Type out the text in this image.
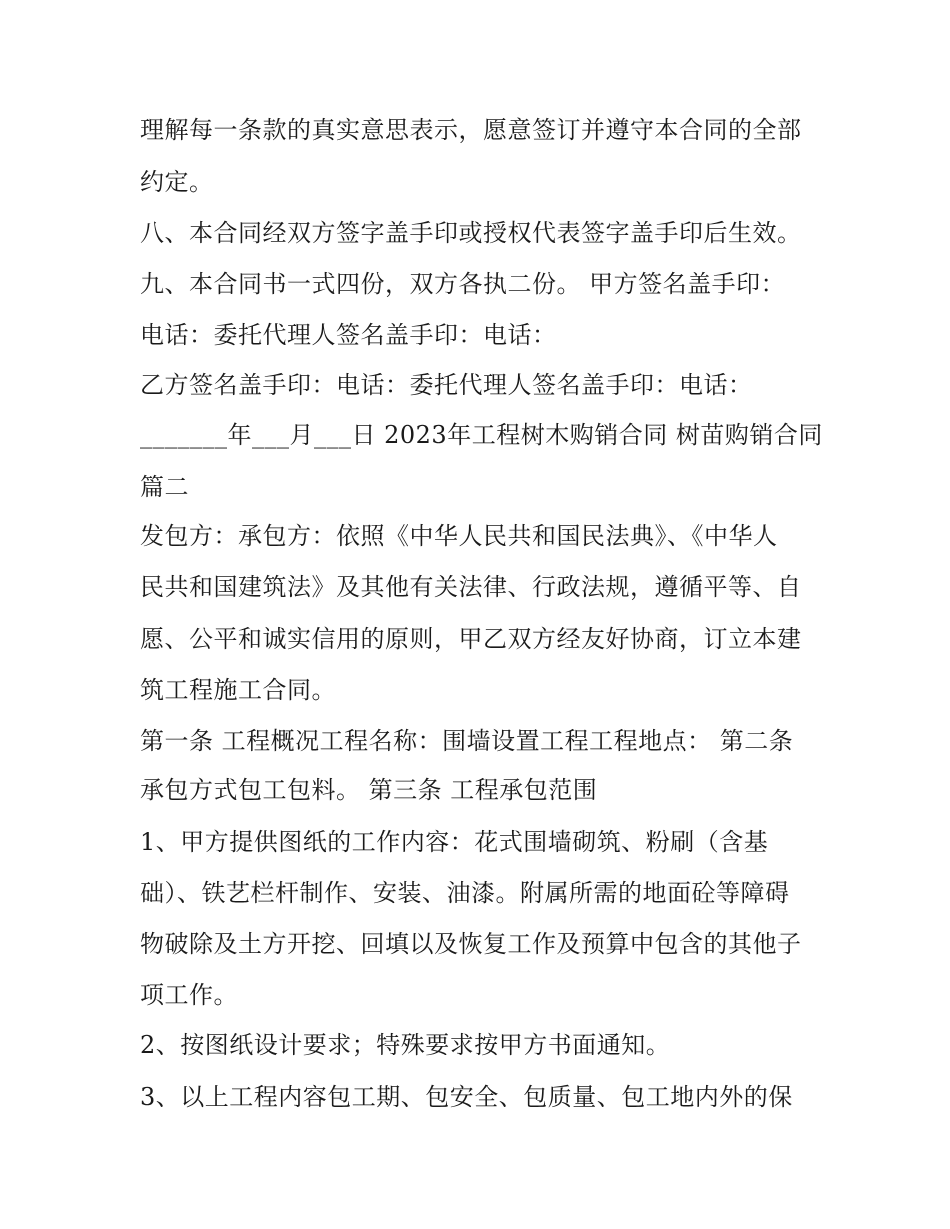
理解每一条款的真实意思表示，愿意签订并遵守本合同的全部
约定。
八、本合同经双方签字盖手印或授权代表签字盖手印后生效。
九、本合同书一式四份，双方各执二份。 甲方签名盖手印：
电话：委托代理人签名盖手印：电话：
乙方签名盖手印：电话：委托代理人签名盖手印：电话：
_______年___月___日 2023年工程树木购销合同 树苗购销合同
篇二
发包方：承包方：依照《中华人民共和国民法典》、《中华人
民共和国建筑法》及其他有关法律、行政法规，遵循平等、自
愿、公平和诚实信用的原则，甲乙双方经友好协商，订立本建
筑工程施工合同。
第一条 工程概况工程名称：围墙设置工程工程地点： 第二条
承包方式包工包料。 第三条 工程承包范围
1、甲方提供图纸的工作内容：花式围墙砌筑、粉刷（含基
础）、铁艺栏杆制作、安装、油漆。附属所需的地面砼等障碍
物破除及土方开挖、回填以及恢复工作及预算中包含的其他子
项工作。
2、按图纸设计要求；特殊要求按甲方书面通知。
3、以上工程内容包工期、包安全、包质量、包工地内外的保
